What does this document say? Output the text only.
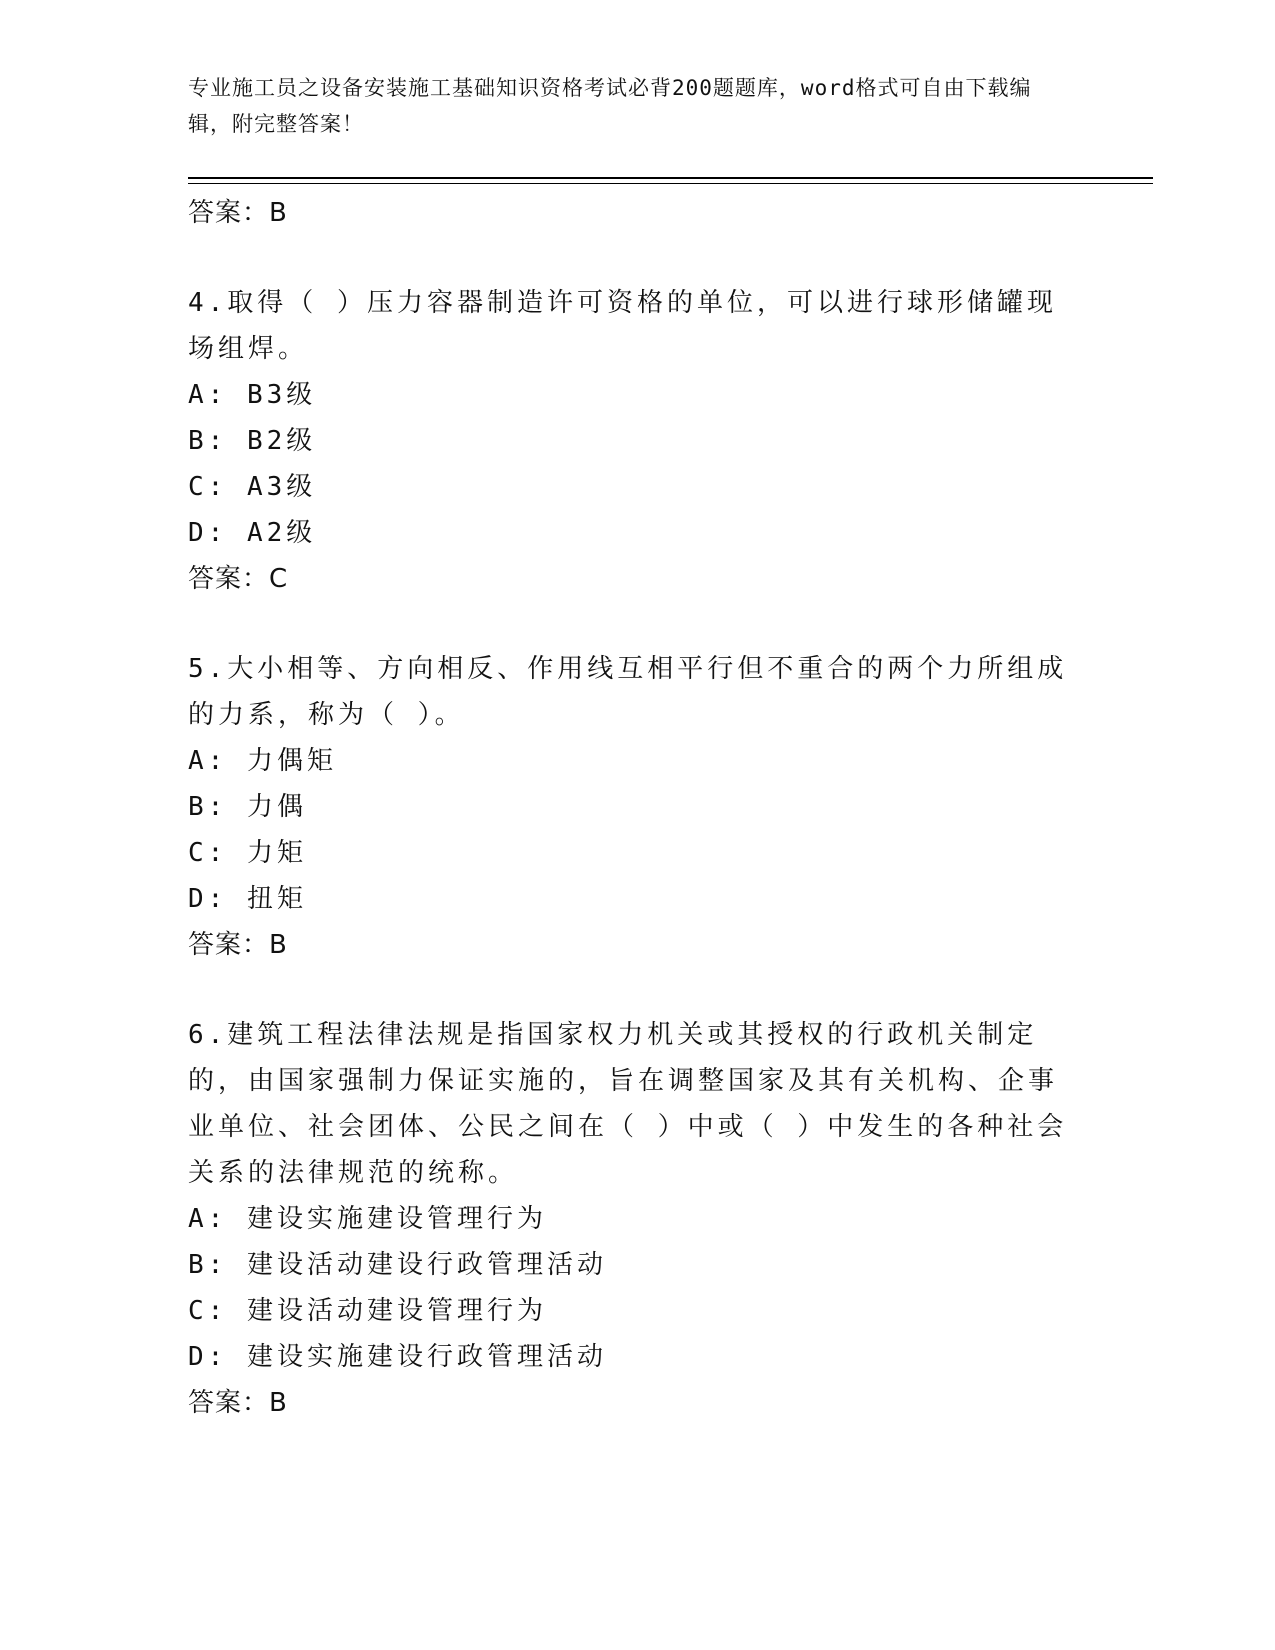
专业施工员之设备安装施工基础知识资格考试必背200题题库，word格式可自由下载编辑，附完整答案！
答案：B

4.取得（ ）压力容器制造许可资格的单位，可以进行球形储罐现场组焊。

A: B3级
B: B2级
C: A3级
D: A2级
答案：C

5.大小相等、方向相反、作用线互相平行但不重合的两个力所组成的力系，称为（ ）。

A: 力偶矩
B: 力偶
C: 力矩
D: 扭矩
答案：B

6.建筑工程法律法规是指国家权力机关或其授权的行政机关制定的，由国家强制力保证实施的，旨在调整国家及其有关机构、企事业单位、社会团体、公民之间在（ ）中或（ ）中发生的各种社会关系的法律规范的统称。

A: 建设实施建设管理行为
B: 建设活动建设行政管理活动
C: 建设活动建设管理行为
D: 建设实施建设行政管理活动
答案：B
